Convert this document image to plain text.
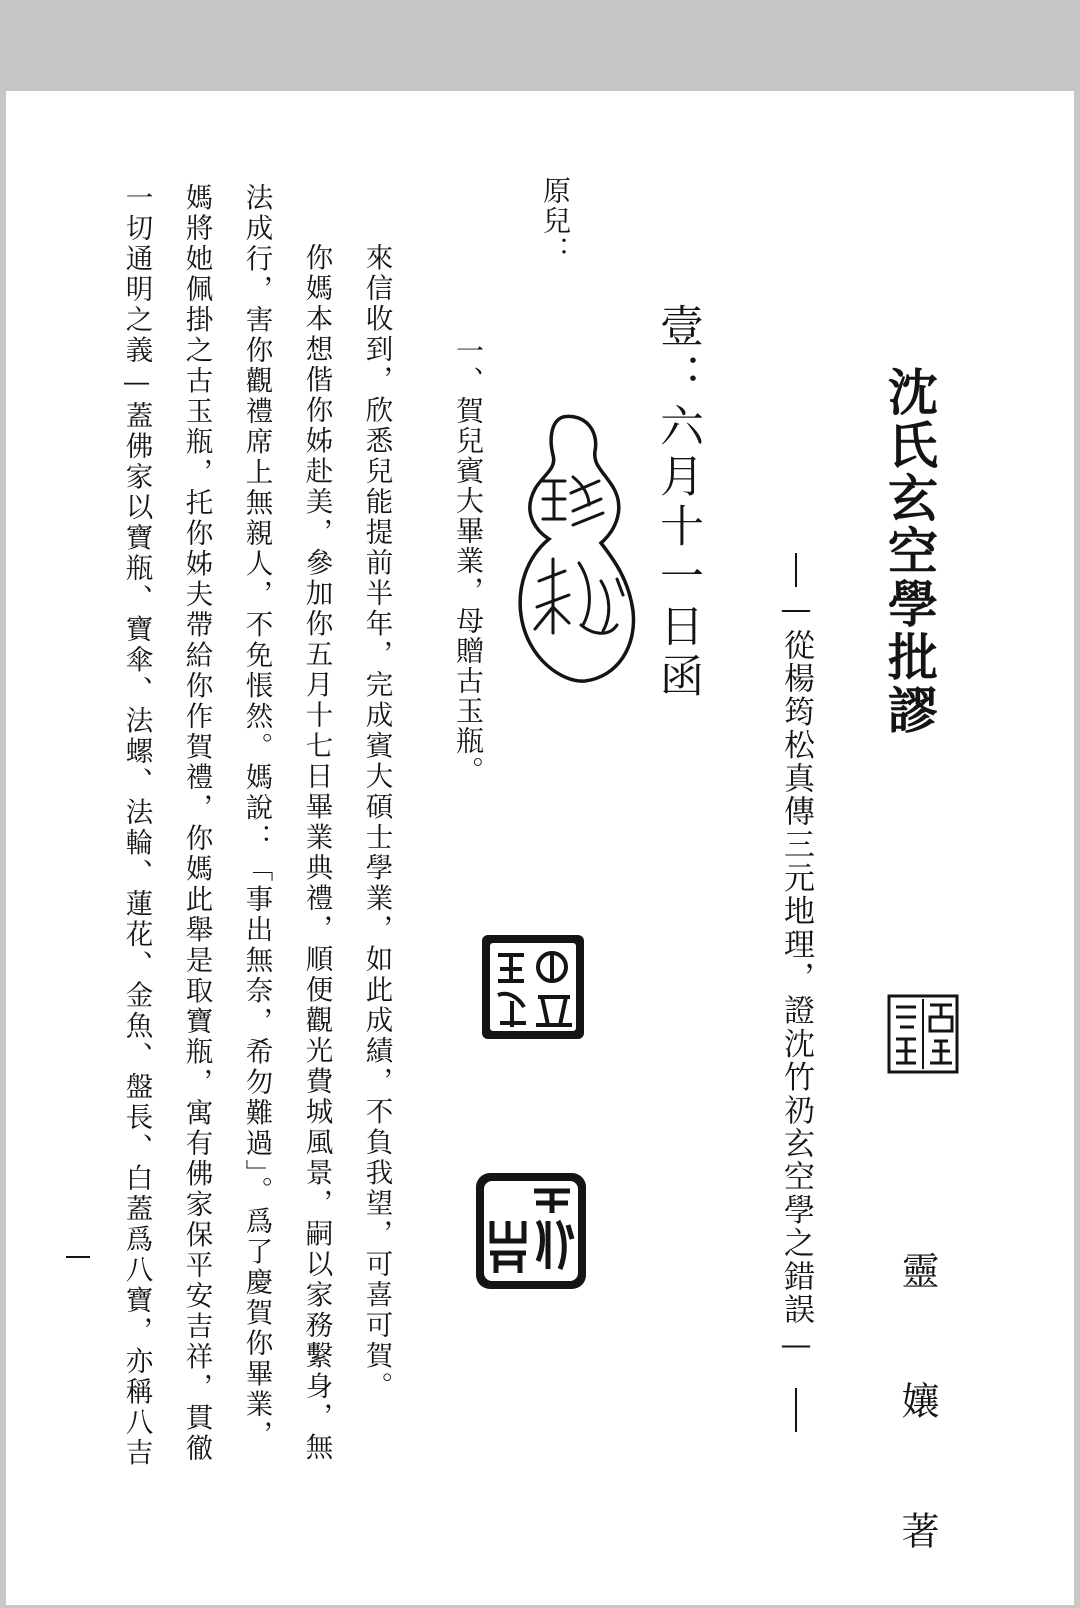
沈氏玄空學批謬
—從楊筠松真傳三元地理，證沈竹礽玄空學之錯誤—
靈 孃 著
壹：六月十一日函
原兒：
一、賀兒賓大畢業，母贈古玉瓶。
來信收到，欣悉兒能提前半年，完成賓大碩士學業，如此成績，不負我望，可喜可賀。
你媽本想偕你姊赴美，參加你五月十七日畢業典禮，順便觀光費城風景，嗣以家務繫身，無
法成行，害你觀禮席上無親人，不免悵然。媽說：「事出無奈，希勿難過」。爲了慶賀你畢業，
媽將她佩掛之古玉瓶，托你姊夫帶給你作賀禮，你媽此舉是取寶瓶，寓有佛家保平安吉祥，貫徹
一切通明之義—蓋佛家以寶瓶、寶傘、法螺、法輪、蓮花、金魚、盤長、白蓋爲八寶，亦稱八吉
